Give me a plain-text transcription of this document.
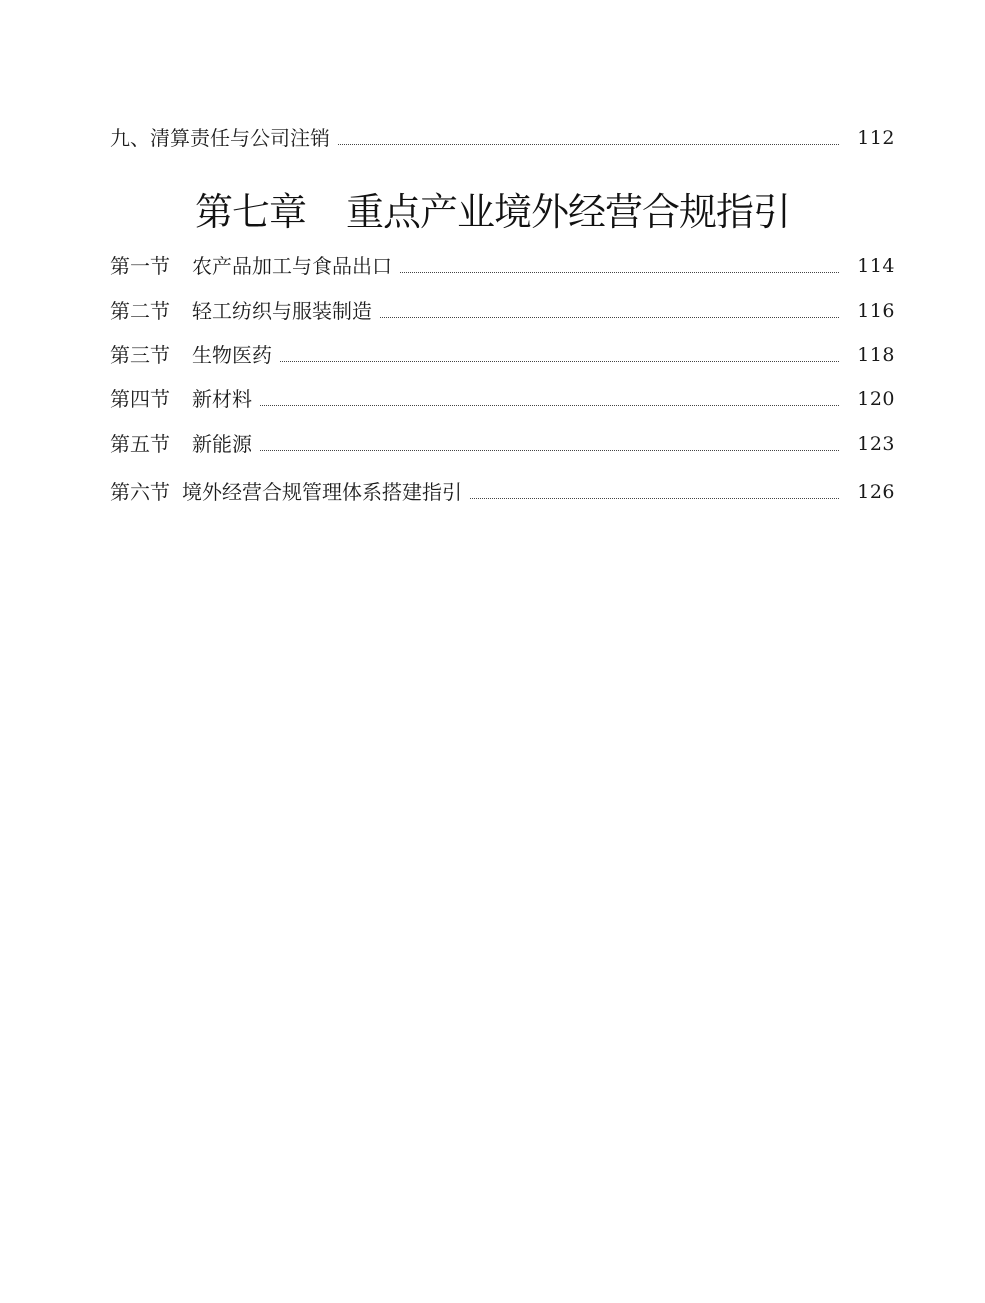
九、清算责任与公司注销	112
第七章 重点产业境外经营合规指引
第一节 农产品加工与食品出口	114
第二节 轻工纺织与服装制造	116
第三节 生物医药	118
第四节 新材料	120
第五节 新能源	123
第六节 境外经营合规管理体系搭建指引	126
